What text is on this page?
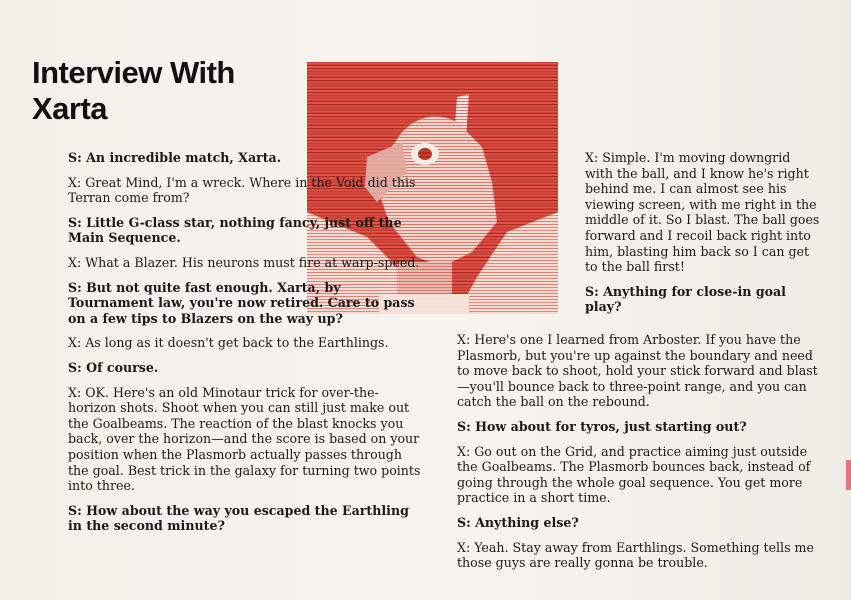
Interview With
Xarta

S: An incredible match, Xarta.

X: Great Mind, I'm a wreck. Where in the Void did this Terran come from?

S: Little G-class star, nothing fancy, just off the Main Sequence.

X: What a Blazer. His neurons must fire at warp-speed.

S: But not quite fast enough. Xarta, by Tournament law, you're now retired. Care to pass on a few tips to Blazers on the way up?

X: As long as it doesn't get back to the Earthlings.

S: Of course.

X: OK. Here's an old Minotaur trick for over-the-horizon shots. Shoot when you can still just make out the Goalbeams. The reaction of the blast knocks you back, over the horizon—and the score is based on your position when the Plasmorb actually passes through the goal. Best trick in the galaxy for turning two points into three.

S: How about the way you escaped the Earthling in the second minute?

X: Simple. I'm moving downgrid with the ball, and I know he's right behind me. I can almost see his viewing screen, with me right in the middle of it. So I blast. The ball goes forward and I recoil back right into him, blasting him back so I can get to the ball first!

S: Anything for close-in goal play?

X: Here's one I learned from Arboster. If you have the Plasmorb, but you're up against the boundary and need to move back to shoot, hold your stick forward and blast—you'll bounce back to three-point range, and you can catch the ball on the rebound.

S: How about for tyros, just starting out?

X: Go out on the Grid, and practice aiming just outside the Goalbeams. The Plasmorb bounces back, instead of going through the whole goal sequence. You get more practice in a short time.

S: Anything else?

X: Yeah. Stay away from Earthlings. Something tells me those guys are really gonna be trouble.
